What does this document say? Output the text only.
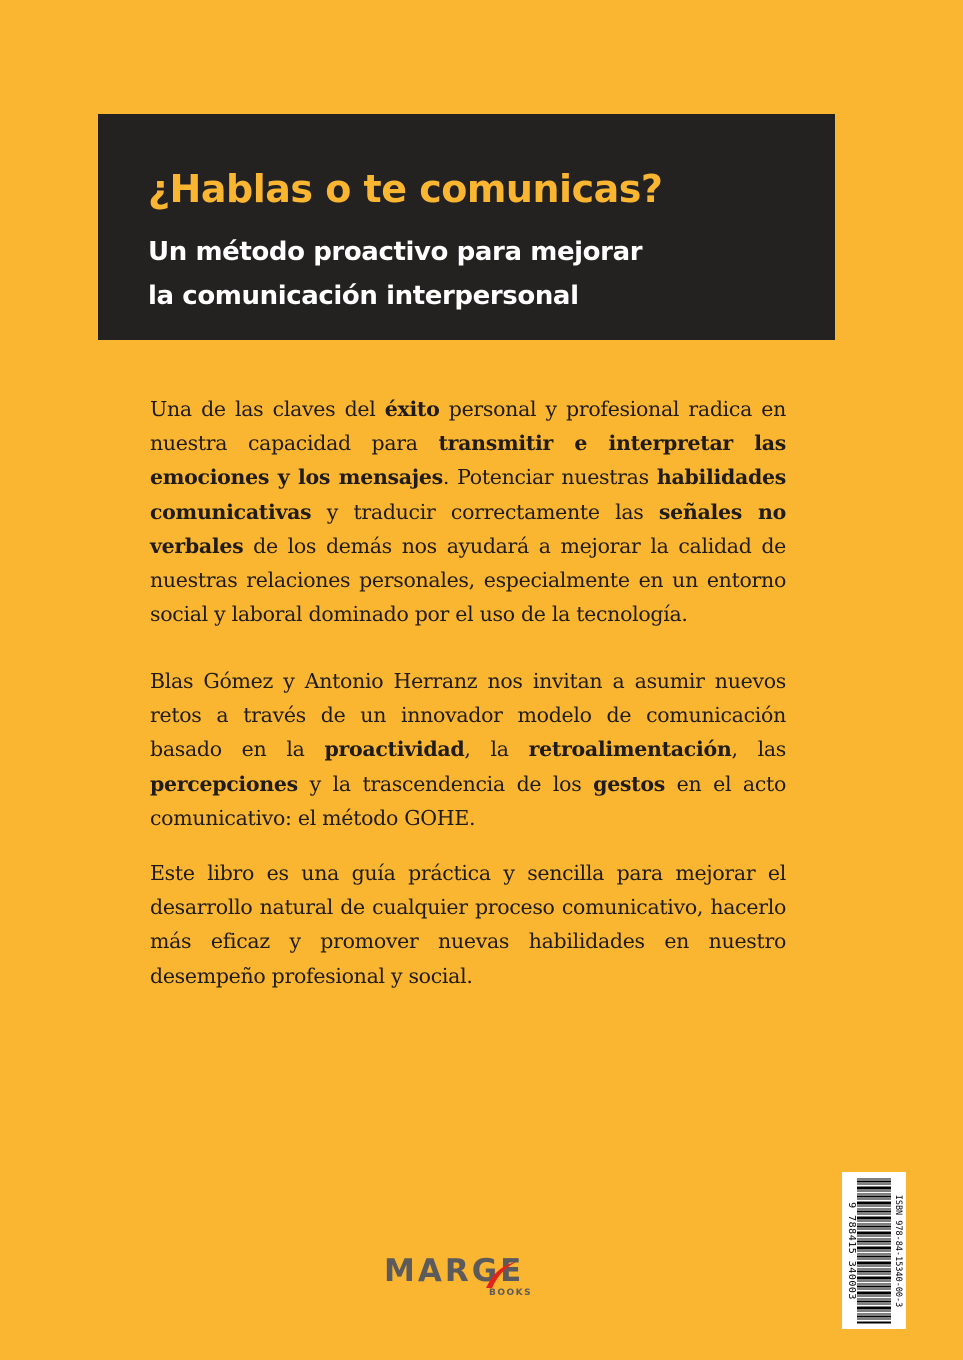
¿Hablas o te comunicas?
Un método proactivo para mejorar
la comunicación interpersonal
Una de las claves del éxito personal y profesional radica en nuestra capacidad para transmitir e interpretar las emociones y los mensajes. Potenciar nuestras habilidades comunicativas y traducir correctamente las señales no verbales de los demás nos ayudará a mejorar la calidad de nuestras relaciones personales, especialmente en un entorno social y laboral dominado por el uso de la tecnología.
Blas Gómez y Antonio Herranz nos invitan a asumir nuevos retos a través de un innovador modelo de comunicación basado en la proactividad, la retroalimentación, las percepciones y la trascendencia de los gestos en el acto comunicativo: el método GOHE.
Este libro es una guía práctica y sencilla para mejorar el desarrollo natural de cualquier proceso comunicativo, hacerlo más eficaz y promover nuevas habilidades en nuestro desempeño profesional y social.
ISBN 978-84-15340-00-3
9 788415 340003
MARGE
BOOKS
